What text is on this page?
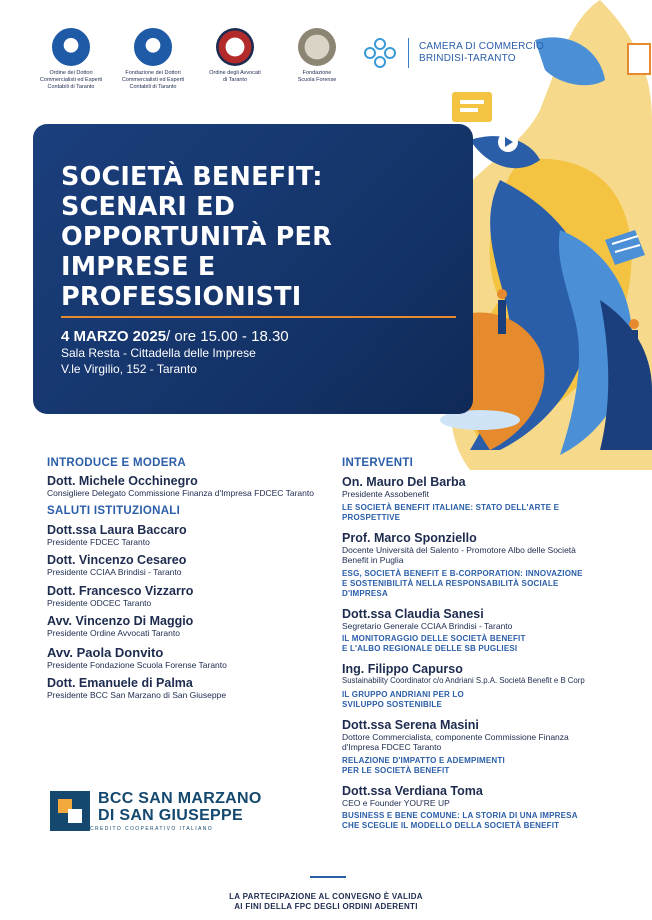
Ordine dei Dottori
Commercialisti ed Esperti
Contabili di Taranto
Fondazione dei Dottori
Commercialisti ed Esperti
Contabili di Taranto
Ordine degli Avvocati
di Taranto
Fondazione
Scuola Forense
CAMERA DI COMMERCIO
BRINDISI-TARANTO
SOCIETÀ BENEFIT: SCENARI ED OPPORTUNITÀ PER IMPRESE E PROFESSIONISTI
4 MARZO 2025/ ore 15.00 - 18.30
Sala Resta - Cittadella delle Imprese
V.le Virgilio, 152 - Taranto
INTRODUCE E MODERA
Dott. Michele Occhinegro
Consigliere Delegato Commissione Finanza d'Impresa FDCEC Taranto
SALUTI ISTITUZIONALI
Dott.ssa Laura Baccaro
Presidente FDCEC Taranto
Dott. Vincenzo Cesareo
Presidente CCIAA Brindisi - Taranto
Dott. Francesco Vizzarro
Presidente ODCEC Taranto
Avv. Vincenzo Di Maggio
Presidente Ordine Avvocati Taranto
Avv. Paola Donvito
Presidente Fondazione Scuola Forense Taranto
Dott. Emanuele di Palma
Presidente BCC San Marzano di San Giuseppe
INTERVENTI
On. Mauro Del Barba
Presidente Assobenefit
LE SOCIETÀ BENEFIT ITALIANE: STATO DELL'ARTE E
PROSPETTIVE
Prof. Marco Sponziello
Docente Università del Salento - Promotore Albo delle Società
Benefit in Puglia
ESG, SOCIETÀ BENEFIT E B-CORPORATION: INNOVAZIONE
E SOSTENIBILITÀ NELLA RESPONSABILITÀ SOCIALE
D'IMPRESA
Dott.ssa Claudia Sanesi
Segretario Generale CCIAA Brindisi - Taranto
IL MONITORAGGIO DELLE SOCIETÀ BENEFIT
E L'ALBO REGIONALE DELLE SB PUGLIESI
Ing. Filippo Capurso
Sustainability Coordinator c/o Andriani S.p.A. Società Benefit e B Corp
IL GRUPPO ANDRIANI PER LO
SVILUPPO SOSTENIBILE
Dott.ssa Serena Masini
Dottore Commercialista, componente Commissione Finanza
d'Impresa FDCEC Taranto
RELAZIONE D'IMPATTO E ADEMPIMENTI
PER LE SOCIETÀ BENEFIT
Dott.ssa Verdiana Toma
CEO e Founder YOU'RE UP
BUSINESS E BENE COMUNE: LA STORIA DI UNA IMPRESA
CHE SCEGLIE IL MODELLO DELLA SOCIETÀ BENEFIT
BCC SAN MARZANO
DI SAN GIUSEPPE
CREDITO COOPERATIVO ITALIANO
LA PARTECIPAZIONE AL CONVEGNO È VALIDA
AI FINI DELLA FPC DEGLI ORDINI ADERENTI
